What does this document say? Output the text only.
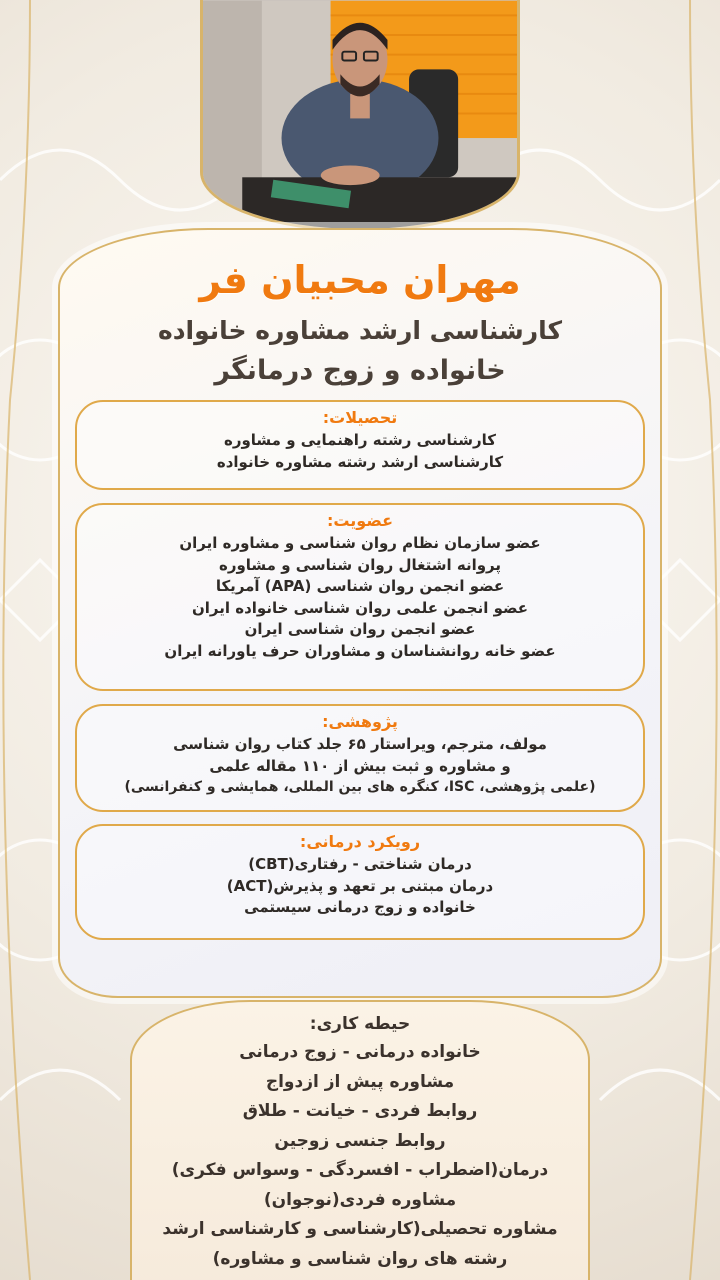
مهران محبیان فر
کارشناسی ارشد مشاوره خانواده
خانواده و زوج درمانگر
تحصیلات:
کارشناسی رشته راهنمایی و مشاوره
کارشناسی ارشد رشته مشاوره خانواده
عضویت:
عضو سازمان نظام روان شناسی و مشاوره ایران
پروانه اشتغال روان شناسی و مشاوره
عضو انجمن روان شناسی (APA) آمریکا
عضو انجمن علمی روان شناسی خانواده ایران
عضو انجمن روان شناسی ایران
عضو خانه روانشناسان و مشاوران حرف یاورانه ایران
پژوهشی:
مولف، مترجم، ویراستار ۶۵ جلد کتاب روان شناسی
و مشاوره و ثبت بیش از ۱۱۰ مقاله علمی
(علمی پژوهشی، ISC، کنگره های بین المللی، همایشی و کنفرانسی)
رویکرد درمانی:
درمان شناختی - رفتاری(CBT)
درمان مبتنی بر تعهد و پذیرش(ACT)
خانواده و زوج درمانی سیستمی
حیطه کاری:
خانواده درمانی - زوج درمانی
مشاوره پیش از ازدواج
روابط فردی - خیانت - طلاق
روابط جنسی زوجین
درمان(اضطراب - افسردگی - وسواس فکری)
مشاوره فردی(نوجوان)
مشاوره تحصیلی(کارشناسی و کارشناسی ارشد
رشته های روان شناسی و مشاوره)
